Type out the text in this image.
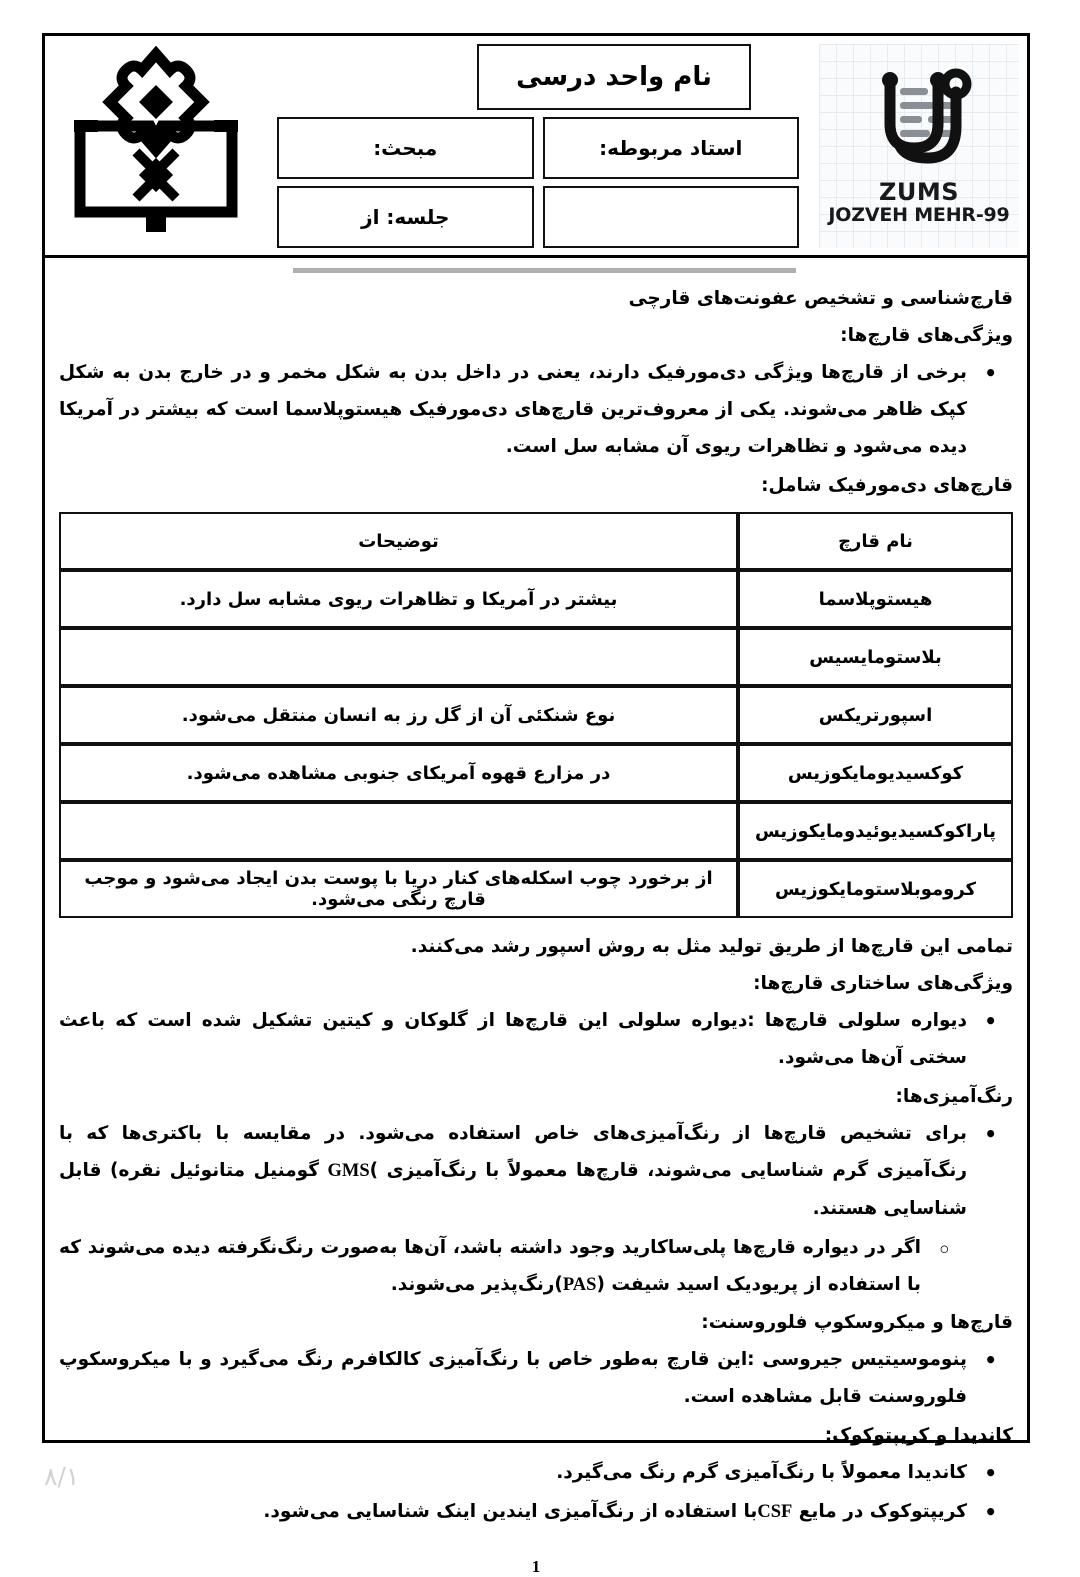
نام واحد درسی
استاد مربوطه:
مبحث:
جلسه: از
ZUMS
JOZVEH MEHR-99
قارچ‌شناسی و تشخیص عفونت‌های قارچی
ویژگی‌های قارچ‌ها:
• برخی از قارچ‌ها ویژگی دی‌مورفیک دارند، یعنی در داخل بدن به شکل مخمر و در خارج بدن به شکل کپک ظاهر می‌شوند. یکی از معروف‌ترین قارچ‌های دی‌مورفیک هیستوپلاسما است که بیشتر در آمریکا دیده می‌شود و تظاهرات ریوی آن مشابه سل است.
قارچ‌های دی‌مورفیک شامل:
نام قارچ	توضیحات
هیستوپلاسما	بیشتر در آمریکا و تظاهرات ریوی مشابه سل دارد.
بلاستومایسیس	
اسپورتریکس	نوع شنکئی آن از گل رز به انسان منتقل می‌شود.
کوکسیدیومایکوزیس	در مزارع قهوه آمریکای جنوبی مشاهده می‌شود.
پاراکوکسیدیوئیدومایکوزیس	
کروموبلاستومایکوزیس	از برخورد چوب اسکله‌های کنار دریا با پوست بدن ایجاد می‌شود و موجب قارچ رنگی می‌شود.
تمامی این قارچ‌ها از طریق تولید مثل به روش اسپور رشد می‌کنند.
ویژگی‌های ساختاری قارچ‌ها:
• دیواره سلولی قارچ‌ها :دیواره سلولی این قارچ‌ها از گلوکان و کیتین تشکیل شده است که باعث سختی آن‌ها می‌شود.
رنگ‌آمیزی‌ها:
• برای تشخیص قارچ‌ها از رنگ‌آمیزی‌های خاص استفاده می‌شود. در مقایسه با باکتری‌ها که با رنگ‌آمیزی گرم شناسایی می‌شوند، قارچ‌ها معمولاً با رنگ‌آمیزی )GMS گومنیل متانوئیل نقره) قابل شناسایی هستند.
◦ اگر در دیواره قارچ‌ها پلی‌ساکارید وجود داشته باشد، آن‌ها به‌صورت رنگ‌نگرفته دیده می‌شوند که با استفاده از پریودیک اسید شیفت (PAS)رنگ‌پذیر می‌شوند.
قارچ‌ها و میکروسکوپ فلوروسنت:
• پنوموسیتیس جیروسی :این قارچ به‌طور خاص با رنگ‌آمیزی کالکافرم رنگ می‌گیرد و با میکروسکوپ فلوروسنت قابل مشاهده است.
کاندیدا و کریپتوکوک:
• کاندیدا معمولاً با رنگ‌آمیزی گرم رنگ می‌گیرد.
• کریپتوکوک در مایع CSFبا استفاده از رنگ‌آمیزی ایندین اینک شناسایی می‌شود.
1
۸/۱
